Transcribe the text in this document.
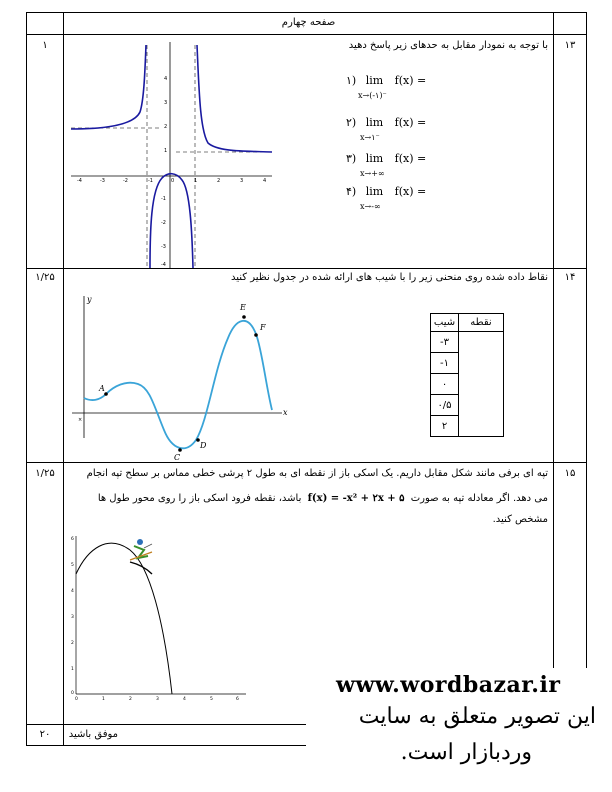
صفحه چهارم
۱۳
۱	با توجه به نمودار مقابل به حدهای زیر پاسخ دهید
۱) lim f(x) =
x→(-۱)⁻
۲) lim f(x) =
x→۱⁻
۳) lim f(x) =
x→+∞
۴) lim f(x) =
x→-∞
-4	-3	-2	-1	0	1	2	3	4
4
3
2
1
-1
-2
-3
-4
۱۴
۱/۲۵	نقاط داده شده روی منحنی زیر را با شیب های ارائه شده در جدول نظیر کنید
y
x
A
C
D
E
F
×
شیب	نقطه
-۳	
-۱	
۰	
۰/۵	
۲	
۱۵
۱/۲۵	تپه ای برفی مانند شکل مقابل داریم. یک اسکی باز از نقطه ای به طول ۲ پرشی خطی مماس بر سطح تپه انجام
می دهد. اگر معادله تپه به صورت f(x) = -x² + ۲x + ۵ باشد، نقطه فرود اسکی باز را روی محور طول ها
مشخص کنید.
6
5
4
3
2
1
0
0	1	2	3	4	5	6
موفق باشید
۲۰
www.wordbazar.ir
این تصویر متعلق به سایت
وردبازار است.
